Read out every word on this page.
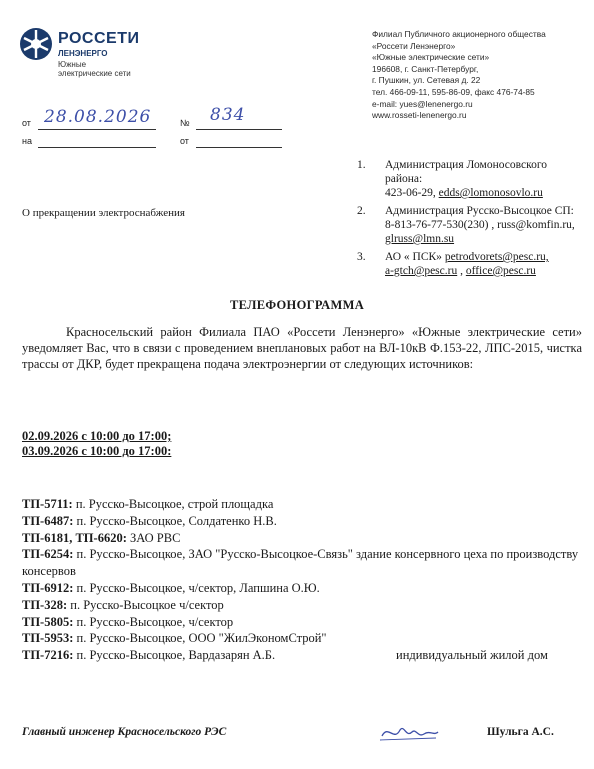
РОССЕТИ
ЛЕНЭНЕРГО
Южные
электрические сети
Филиал Публичного акционерного общества
«Россети Ленэнерго»
«Южные электрические сети»
196608, г. Санкт-Петербург,
г. Пушкин, ул. Сетевая д. 22
тел. 466-09-11, 595-86-09, факс 476-74-85
e-mail: yues@lenenergo.ru
www.rosseti-lenenergo.ru
от 28.08.2026	№ 834
на	от
1. Администрация Ломоносовского района:
423-06-29, edds@lomonosovlo.ru
2. Администрация Русско-Высоцкое СП:
8-813-76-77-530(230) , russ@komfin.ru,
glruss@lmn.su
3. АО « ПСК» petrodvorets@pesc.ru,
a-gtch@pesc.ru , office@pesc.ru
О прекращении электроснабжения
ТЕЛЕФОНОГРАММА
Красносельский район Филиала ПАО «Россети Ленэнерго» «Южные электрические сети» уведомляет Вас, что в связи с проведением внеплановых работ на ВЛ-10кВ Ф.153-22, ЛПС-2015, чистка трассы от ДКР, будет прекращена подача электроэнергии от следующих источников:
02.09.2026 с 10:00 до 17:00;
03.09.2026 с 10:00 до 17:00:
ТП-5711: п. Русско-Высоцкое, строй площадка
ТП-6487: п. Русско-Высоцкое, Солдатенко Н.В.
ТП-6181, ТП-6620: ЗАО РВС
ТП-6254: п. Русско-Высоцкое, ЗАО "Русско-Высоцкое-Связь" здание консервного цеха по производству консервов
ТП-6912: п. Русско-Высоцкое, ч/сектор, Лапшина О.Ю.
ТП-328: п. Русско-Высоцкое ч/сектор
ТП-5805: п. Русско-Высоцкое, ч/сектор
ТП-5953: п. Русско-Высоцкое, ООО "ЖилЭкономСтрой"
ТП-7216: п. Русско-Высоцкое, Вардазарян А.Б.	индивидуальный жилой дом
Главный инженер Красносельского РЭС	Шульга А.С.
